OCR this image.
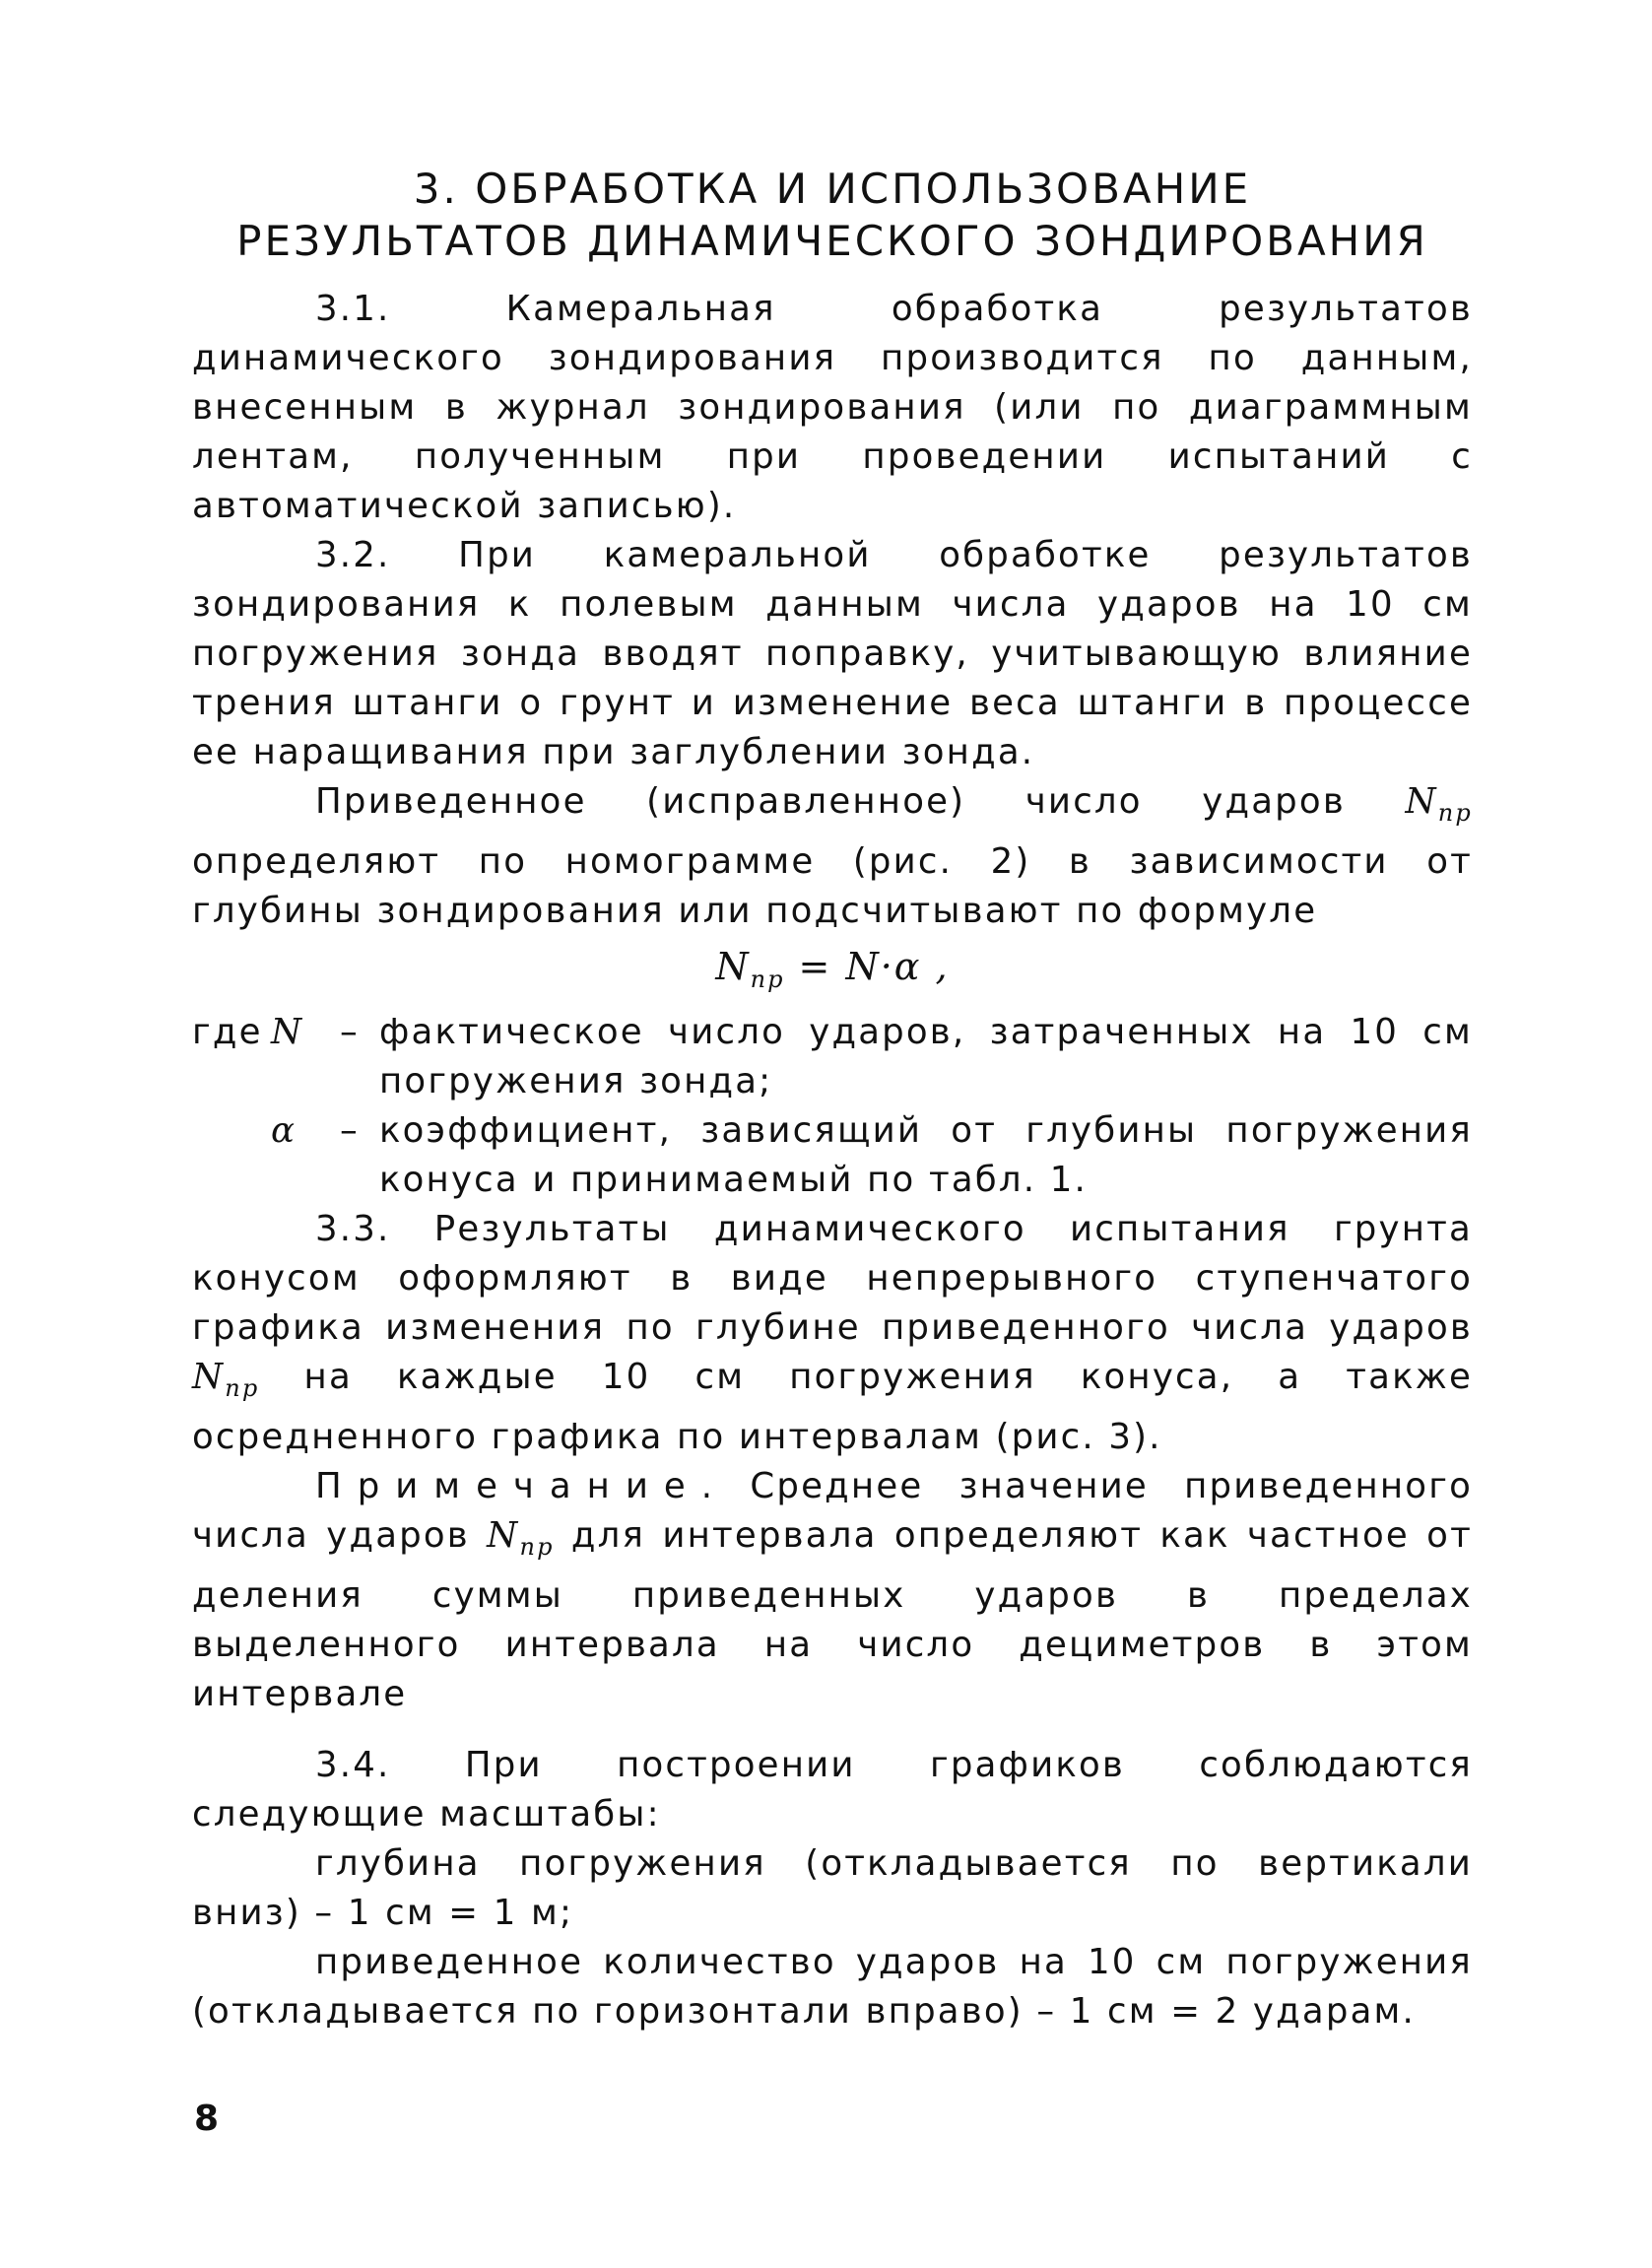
3. ОБРАБОТКА И ИСПОЛЬЗОВАНИЕ
РЕЗУЛЬТАТОВ ДИНАМИЧЕСКОГО ЗОНДИРОВАНИЯ

3.1. Камеральная обработка результатов динамического зондирования производится по данным, внесенным в журнал зондирования (или по диаграммным лентам, полученным при проведении испытаний с автоматической записью).

3.2. При камеральной обработке результатов зондирования к полевым данным числа ударов на 10 см погружения зонда вводят поправку, учитывающую влияние трения штанги о грунт и изменение веса штанги в процессе ее наращивания при заглублении зонда.

Приведенное (исправленное) число ударов $N_{пр}$ определяют по номограмме (рис. 2) в зависимости от глубины зондирования или подсчитывают по формуле

$N_{пр} = N\cdot\alpha$ ,
где N	– фактическое число ударов, затраченных на 10 см погружения зонда;
α	– коэффициент, зависящий от глубины погружения конуса и принимаемый по табл. 1.

3.3. Результаты динамического испытания грунта конусом оформляют в виде непрерывного ступенчатого графика изменения по глубине приведенного числа ударов $N_{пр}$ на каждые 10 см погружения конуса, а также осредненного графика по интервалам (рис. 3).

Примечание. Среднее значение приведенного числа ударов $N_{пр}$ для интервала определяют как частное от деления суммы приведенных ударов в пределах выделенного интервала на число дециметров в этом интервале

3.4. При построении графиков соблюдаются следующие масштабы:

глубина погружения (откладывается по вертикали вниз) – 1 см = 1 м;

приведенное количество ударов на 10 см погружения (откладывается по горизонтали вправо) – 1 см = 2 ударам.

8
